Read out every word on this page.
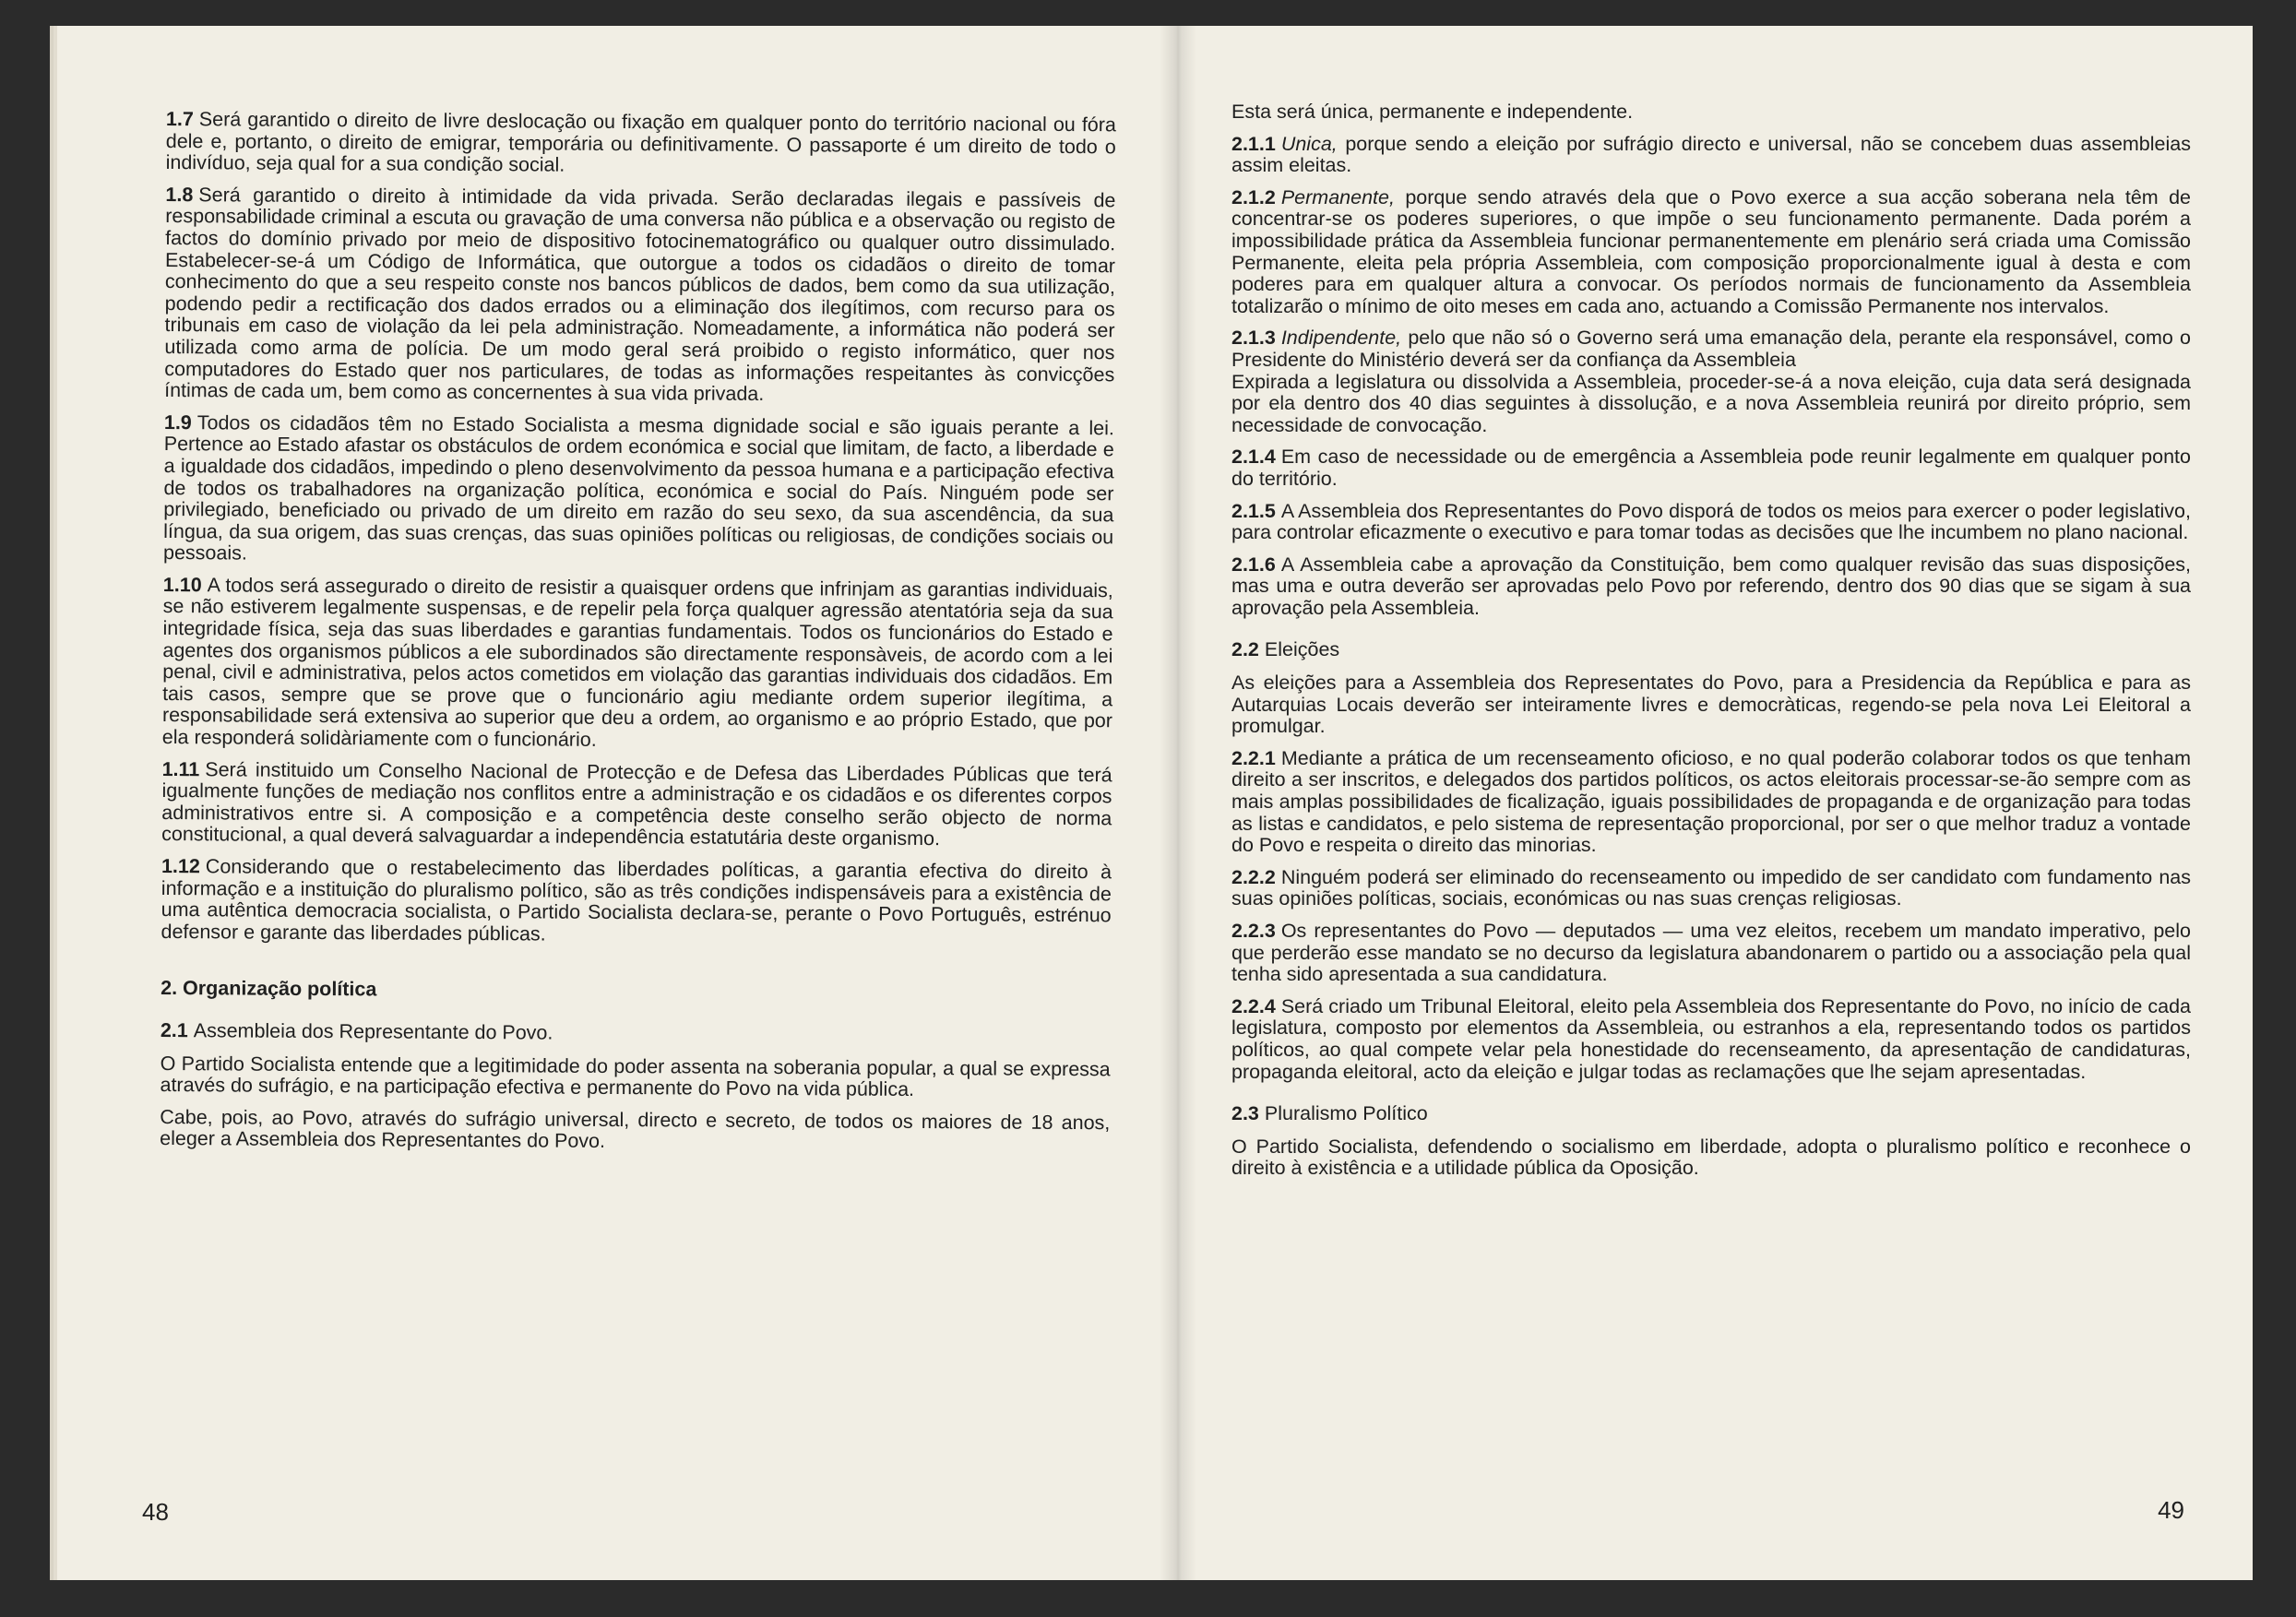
1.7 Será garantido o direito de livre deslocação ou fixação em qualquer ponto do território nacional ou fóra dele e, portanto, o direito de emigrar, temporária ou definitivamente. O passaporte é um direito de todo o indivíduo, seja qual for a sua condição social.

1.8 Será garantido o direito à intimidade da vida privada. Serão declaradas ilegais e passíveis de responsabilidade criminal a escuta ou gravação de uma conversa não pública e a observação ou registo de factos do domínio privado por meio de dispositivo fotocinematográfico ou qualquer outro dissimulado. Estabelecer-se-á um Código de Informática, que outorgue a todos os cidadãos o direito de tomar conhecimento do que a seu respeito conste nos bancos públicos de dados, bem como da sua utilização, podendo pedir a rectificação dos dados errados ou a eliminação dos ilegítimos, com recurso para os tribunais em caso de violação da lei pela administração. Nomeadamente, a informática não poderá ser utilizada como arma de polícia. De um modo geral será proibido o registo informático, quer nos computadores do Estado quer nos particulares, de todas as informações respeitantes às convicções íntimas de cada um, bem como as concernentes à sua vida privada.

1.9 Todos os cidadãos têm no Estado Socialista a mesma dignidade social e são iguais perante a lei. Pertence ao Estado afastar os obstáculos de ordem económica e social que limitam, de facto, a liberdade e a igualdade dos cidadãos, impedindo o pleno desenvolvimento da pessoa humana e a participação efectiva de todos os trabalhadores na organização política, económica e social do País. Ninguém pode ser privilegiado, beneficiado ou privado de um direito em razão do seu sexo, da sua ascendência, da sua língua, da sua origem, das suas crenças, das suas opiniões políticas ou religiosas, de condições sociais ou pessoais.

1.10 A todos será assegurado o direito de resistir a quaisquer ordens que infrinjam as garantias individuais, se não estiverem legalmente suspensas, e de repelir pela força qualquer agressão atentatória seja da sua integridade física, seja das suas liberdades e garantias fundamentais. Todos os funcionários do Estado e agentes dos organismos públicos a ele subordinados são directamente responsàveis, de acordo com a lei penal, civil e administrativa, pelos actos cometidos em violação das garantias individuais dos cidadãos. Em tais casos, sempre que se prove que o funcionário agiu mediante ordem superior ilegítima, a responsabilidade será extensiva ao superior que deu a ordem, ao organismo e ao próprio Estado, que por ela responderá solidàriamente com o funcionário.

1.11 Será instituido um Conselho Nacional de Protecção e de Defesa das Liberdades Públicas que terá igualmente funções de mediação nos conflitos entre a administração e os cidadãos e os diferentes corpos administrativos entre si. A composição e a competência deste conselho serão objecto de norma constitucional, a qual deverá salvaguardar a independência estatutária deste organismo.

1.12 Considerando que o restabelecimento das liberdades políticas, a garantia efectiva do direito à informação e a instituição do pluralismo político, são as três condições indispensáveis para a existência de uma autêntica democracia socialista, o Partido Socialista declara-se, perante o Povo Português, estrénuo defensor e garante das liberdades públicas.

2. Organização política
2.1 Assembleia dos Representante do Povo.

O Partido Socialista entende que a legitimidade do poder assenta na soberania popular, a qual se expressa através do sufrágio, e na participação efectiva e permanente do Povo na vida pública.

Cabe, pois, ao Povo, através do sufrágio universal, directo e secreto, de todos os maiores de 18 anos, eleger a Assembleia dos Representantes do Povo.

48

Esta será única, permanente e independente.

2.1.1 Unica, porque sendo a eleição por sufrágio directo e universal, não se concebem duas assembleias assim eleitas.

2.1.2 Permanente, porque sendo através dela que o Povo exerce a sua acção soberana nela têm de concentrar-se os poderes superiores, o que impõe o seu funcionamento permanente. Dada porém a impossibilidade prática da Assembleia funcionar permanentemente em plenário será criada uma Comissão Permanente, eleita pela própria Assembleia, com composição proporcionalmente igual à desta e com poderes para em qualquer altura a convocar. Os períodos normais de funcionamento da Assembleia totalizarão o mínimo de oito meses em cada ano, actuando a Comissão Permanente nos intervalos.

2.1.3 Indipendente, pelo que não só o Governo será uma emanação dela, perante ela responsável, como o Presidente do Ministério deverá ser da confiança da Assembleia

Expirada a legislatura ou dissolvida a Assembleia, proceder-se-á a nova eleição, cuja data será designada por ela dentro dos 40 dias seguintes à dissolução, e a nova Assembleia reunirá por direito próprio, sem necessidade de convocação.

2.1.4 Em caso de necessidade ou de emergência a Assembleia pode reunir legalmente em qualquer ponto do território.

2.1.5 A Assembleia dos Representantes do Povo disporá de todos os meios para exercer o poder legislativo, para controlar eficazmente o executivo e para tomar todas as decisões que lhe incumbem no plano nacional.

2.1.6 A Assembleia cabe a aprovação da Constituição, bem como qualquer revisão das suas disposições, mas uma e outra deverão ser aprovadas pelo Povo por referendo, dentro dos 90 dias que se sigam à sua aprovação pela Assembleia.

2.2 Eleições

As eleições para a Assembleia dos Representates do Povo, para a Presidencia da República e para as Autarquias Locais deverão ser inteiramente livres e democràticas, regendo-se pela nova Lei Eleitoral a promulgar.

2.2.1 Mediante a prática de um recenseamento oficioso, e no qual poderão colaborar todos os que tenham direito a ser inscritos, e delegados dos partidos políticos, os actos eleitorais processar-se-ão sempre com as mais amplas possibilidades de ficalização, iguais possibilidades de propaganda e de organização para todas as listas e candidatos, e pelo sistema de representação proporcional, por ser o que melhor traduz a vontade do Povo e respeita o direito das minorias.

2.2.2 Ninguém poderá ser eliminado do recenseamento ou impedido de ser candidato com fundamento nas suas opiniões políticas, sociais, económicas ou nas suas crenças religiosas.

2.2.3 Os representantes do Povo — deputados — uma vez eleitos, recebem um mandato imperativo, pelo que perderão esse mandato se no decurso da legislatura abandonarem o partido ou a associação pela qual tenha sido apresentada a sua candidatura.

2.2.4 Será criado um Tribunal Eleitoral, eleito pela Assembleia dos Representante do Povo, no início de cada legislatura, composto por elementos da Assembleia, ou estranhos a ela, representando todos os partidos políticos, ao qual compete velar pela honestidade do recenseamento, da apresentação de candidaturas, propaganda eleitoral, acto da eleição e julgar todas as reclamações que lhe sejam apresentadas.

2.3 Pluralismo Político

O Partido Socialista, defendendo o socialismo em liberdade, adopta o pluralismo político e reconhece o direito à existência e a utilidade pública da Oposição.

49
